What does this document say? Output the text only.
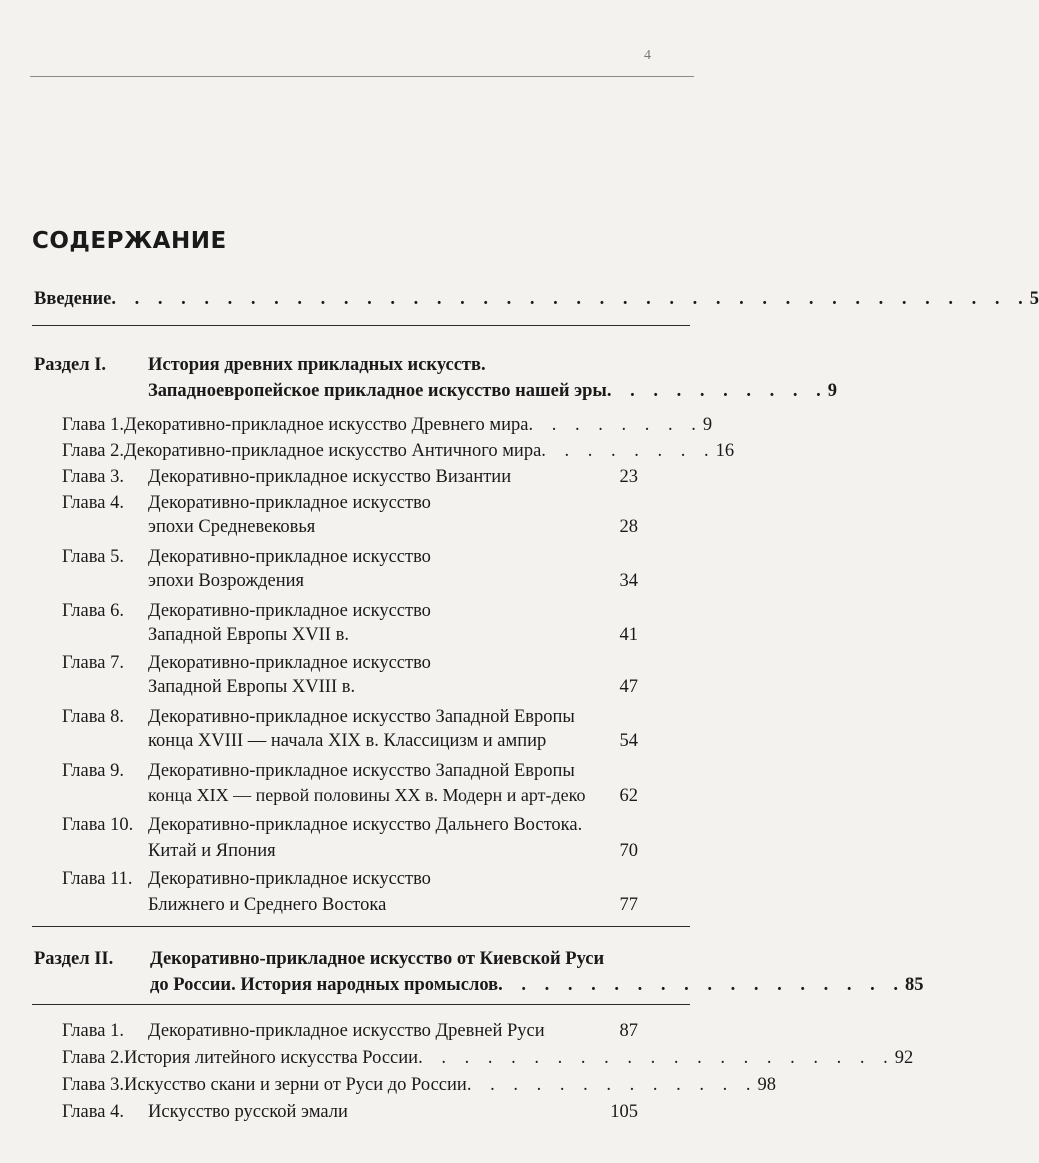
4
СОДЕРЖАНИЕ
Введение . . . . . . . . . . . . . . . . . . . . . . . . . . . . . . . . . . . . . . . . 5
Раздел I. История древних прикладных искусств.
Западноевропейское прикладное искусство нашей эры . . . . . . . . . . 9
Глава 1. Декоративно-прикладное искусство Древнего мира . . . . . . . . 9
Глава 2. Декоративно-прикладное искусство Античного мира . . . . . . . . 16
Глава 3.	Декоративно-прикладное искусство Византии	23
Глава 4. Декоративно-прикладное искусство
эпохи Средневековья	28
Глава 5. Декоративно-прикладное искусство
эпохи Возрождения	34
Глава 6. Декоративно-прикладное искусство
Западной Европы XVII в.	41
Глава 7. Декоративно-прикладное искусство
Западной Европы XVIII в.	47
Глава 8. Декоративно-прикладное искусство Западной Европы
конца XVIII — начала XIX в. Классицизм и ампир	54
Глава 9. Декоративно-прикладное искусство Западной Европы
конца XIX — первой половины XX в. Модерн и арт-деко 62
Глава 10. Декоративно-прикладное искусство Дальнего Востока.
Китай и Япония	70
Глава 11. Декоративно-прикладное искусство
Ближнего и Среднего Востока	77
Раздел II. Декоративно-прикладное искусство от Киевской Руси
до России. История народных промыслов . . . . . . . . . . . . . . . . . . 85
Глава 1.	Декоративно-прикладное искусство Древней Руси	87
Глава 2. История литейного искусства России . . . . . . . . . . . . . . . . . . . . . 92
Глава 3. Искусство скани и зерни от Руси до России . . . . . . . . . . . . . 98
Глава 4.	Искусство русской эмали	105
